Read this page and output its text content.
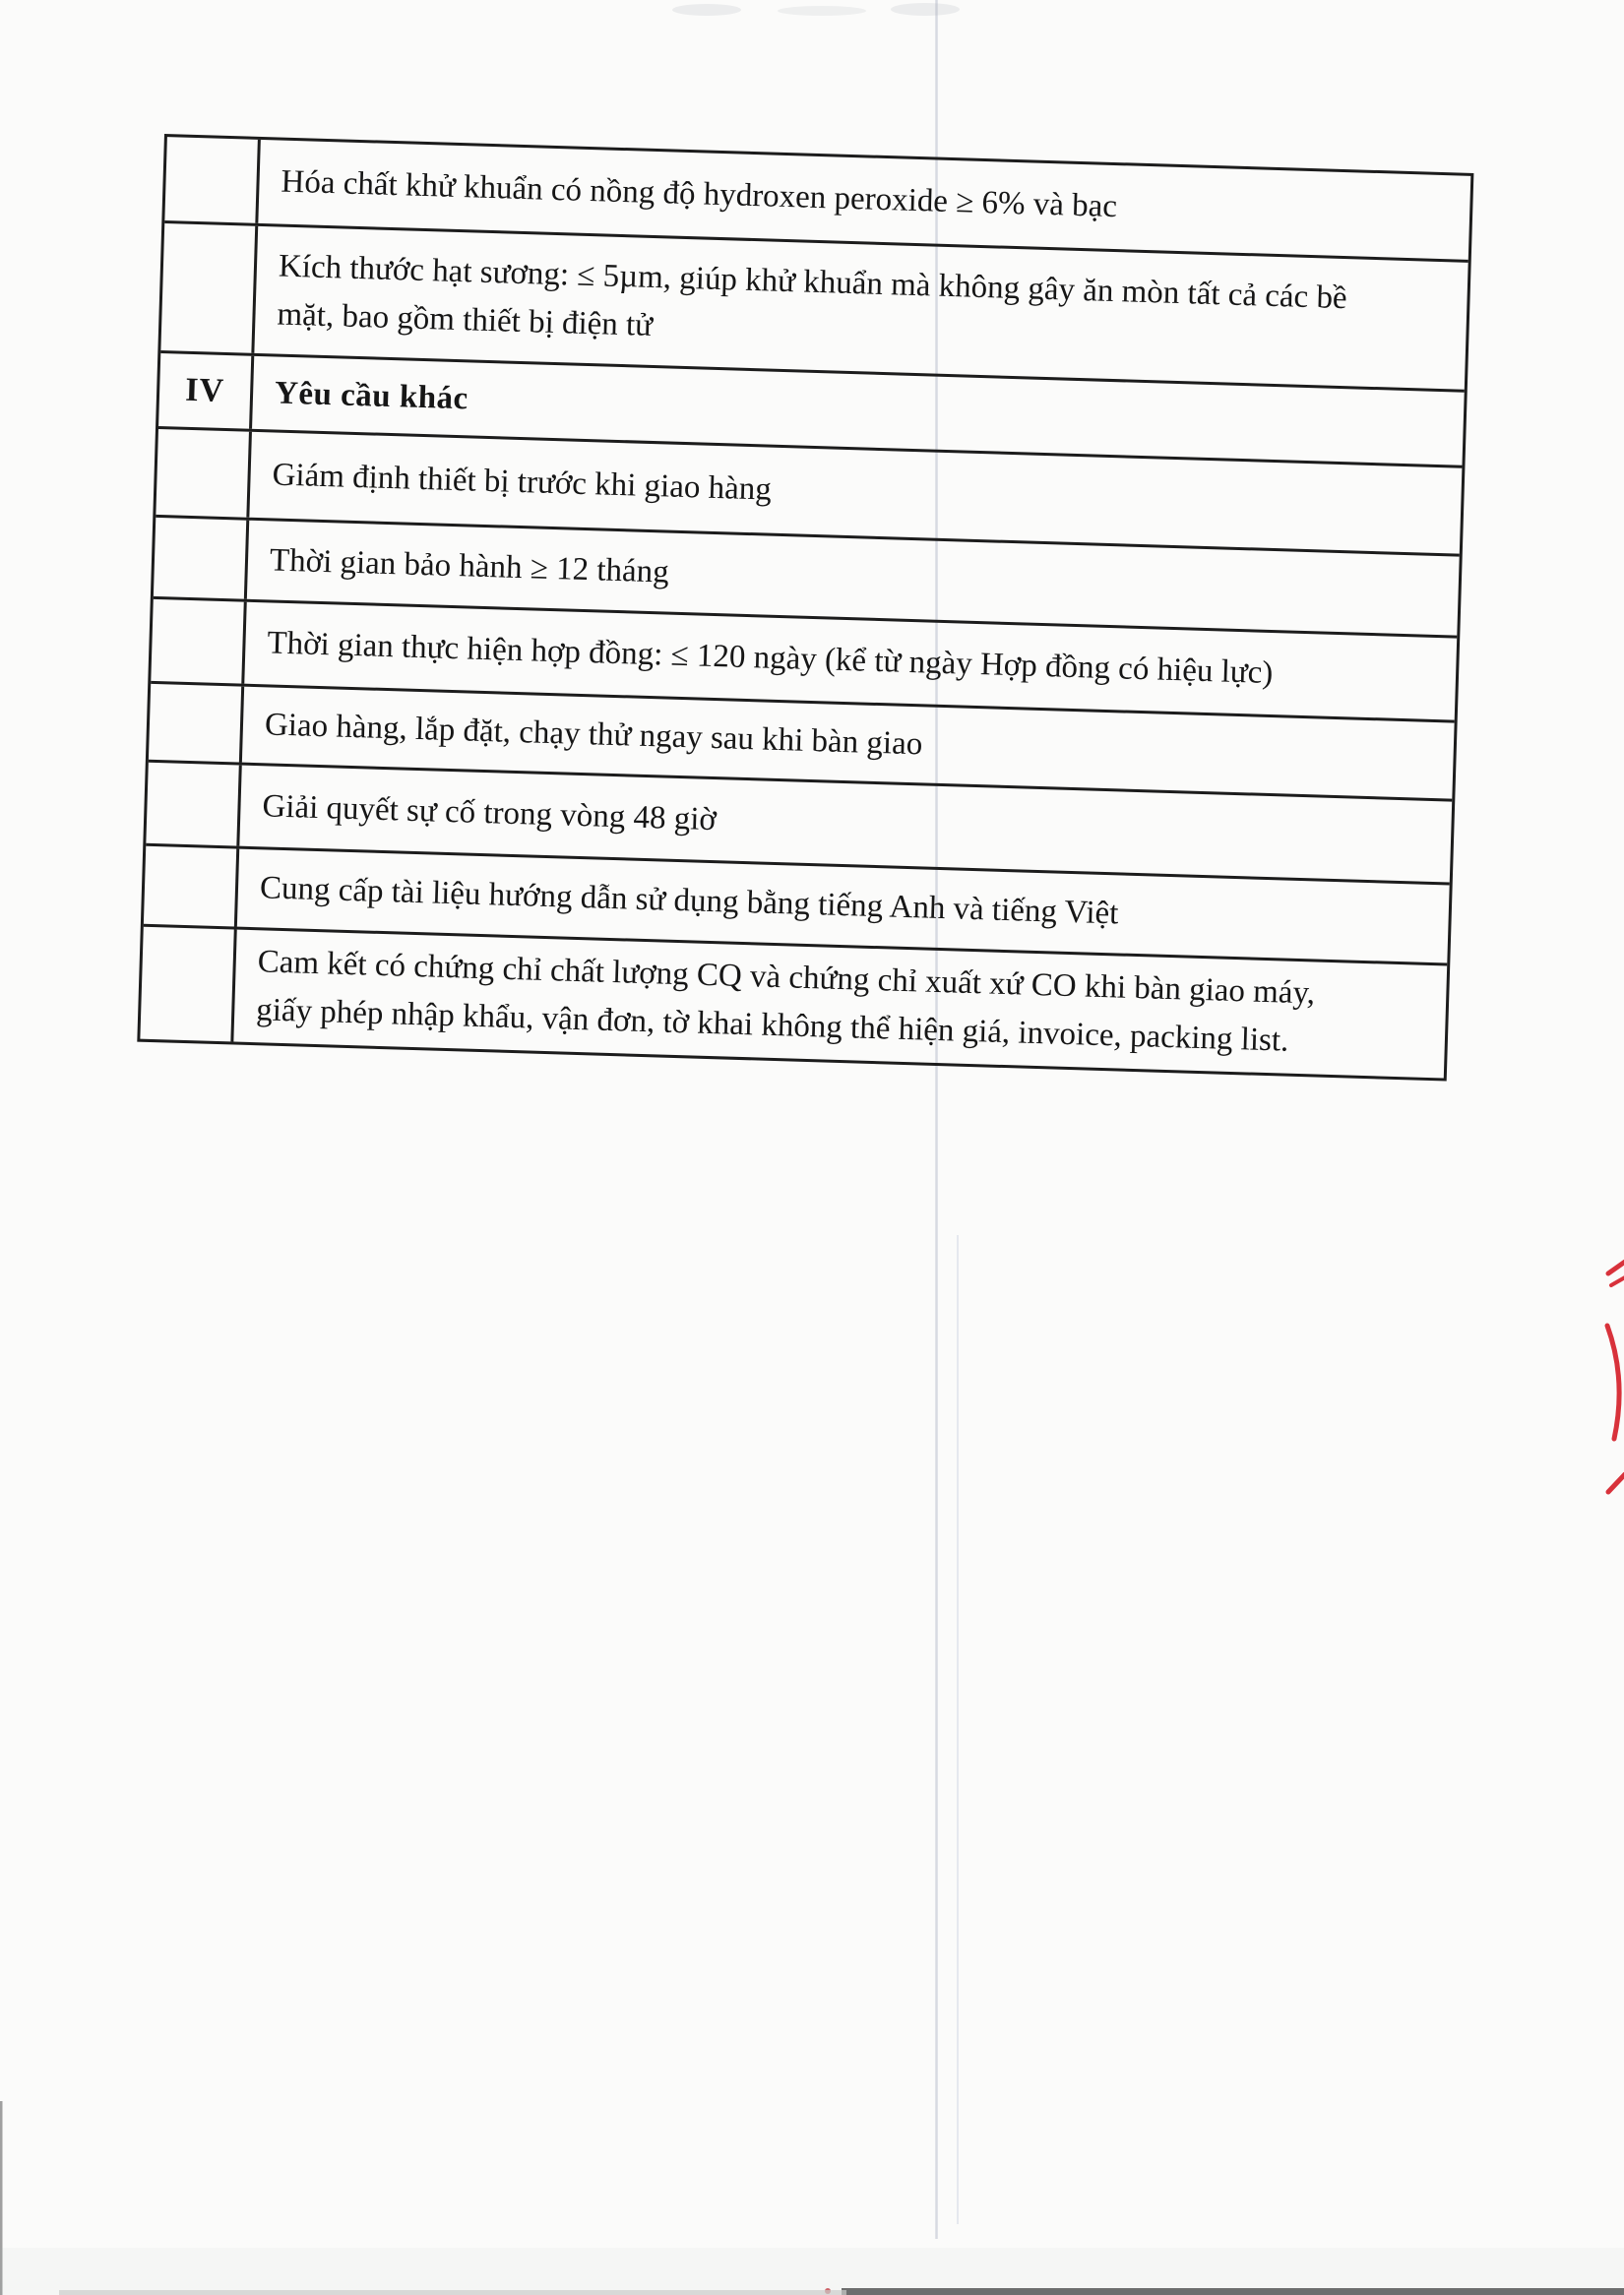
Hóa chất khử khuẩn có nồng độ hydroxen peroxide ≥ 6% và bạc
Kích thước hạt sương: ≤ 5µm, giúp khử khuẩn mà không gây ăn mòn tất cả các bề
mặt, bao gồm thiết bị điện tử
IV	Yêu cầu khác
Giám định thiết bị trước khi giao hàng
Thời gian bảo hành ≥ 12 tháng
Thời gian thực hiện hợp đồng: ≤ 120 ngày (kể từ ngày Hợp đồng có hiệu lực)
Giao hàng, lắp đặt, chạy thử ngay sau khi bàn giao
Giải quyết sự cố trong vòng 48 giờ
Cung cấp tài liệu hướng dẫn sử dụng bằng tiếng Anh và tiếng Việt
Cam kết có chứng chỉ chất lượng CQ và chứng chỉ xuất xứ CO khi bàn giao máy,
giấy phép nhập khẩu, vận đơn, tờ khai không thể hiện giá, invoice, packing list.
